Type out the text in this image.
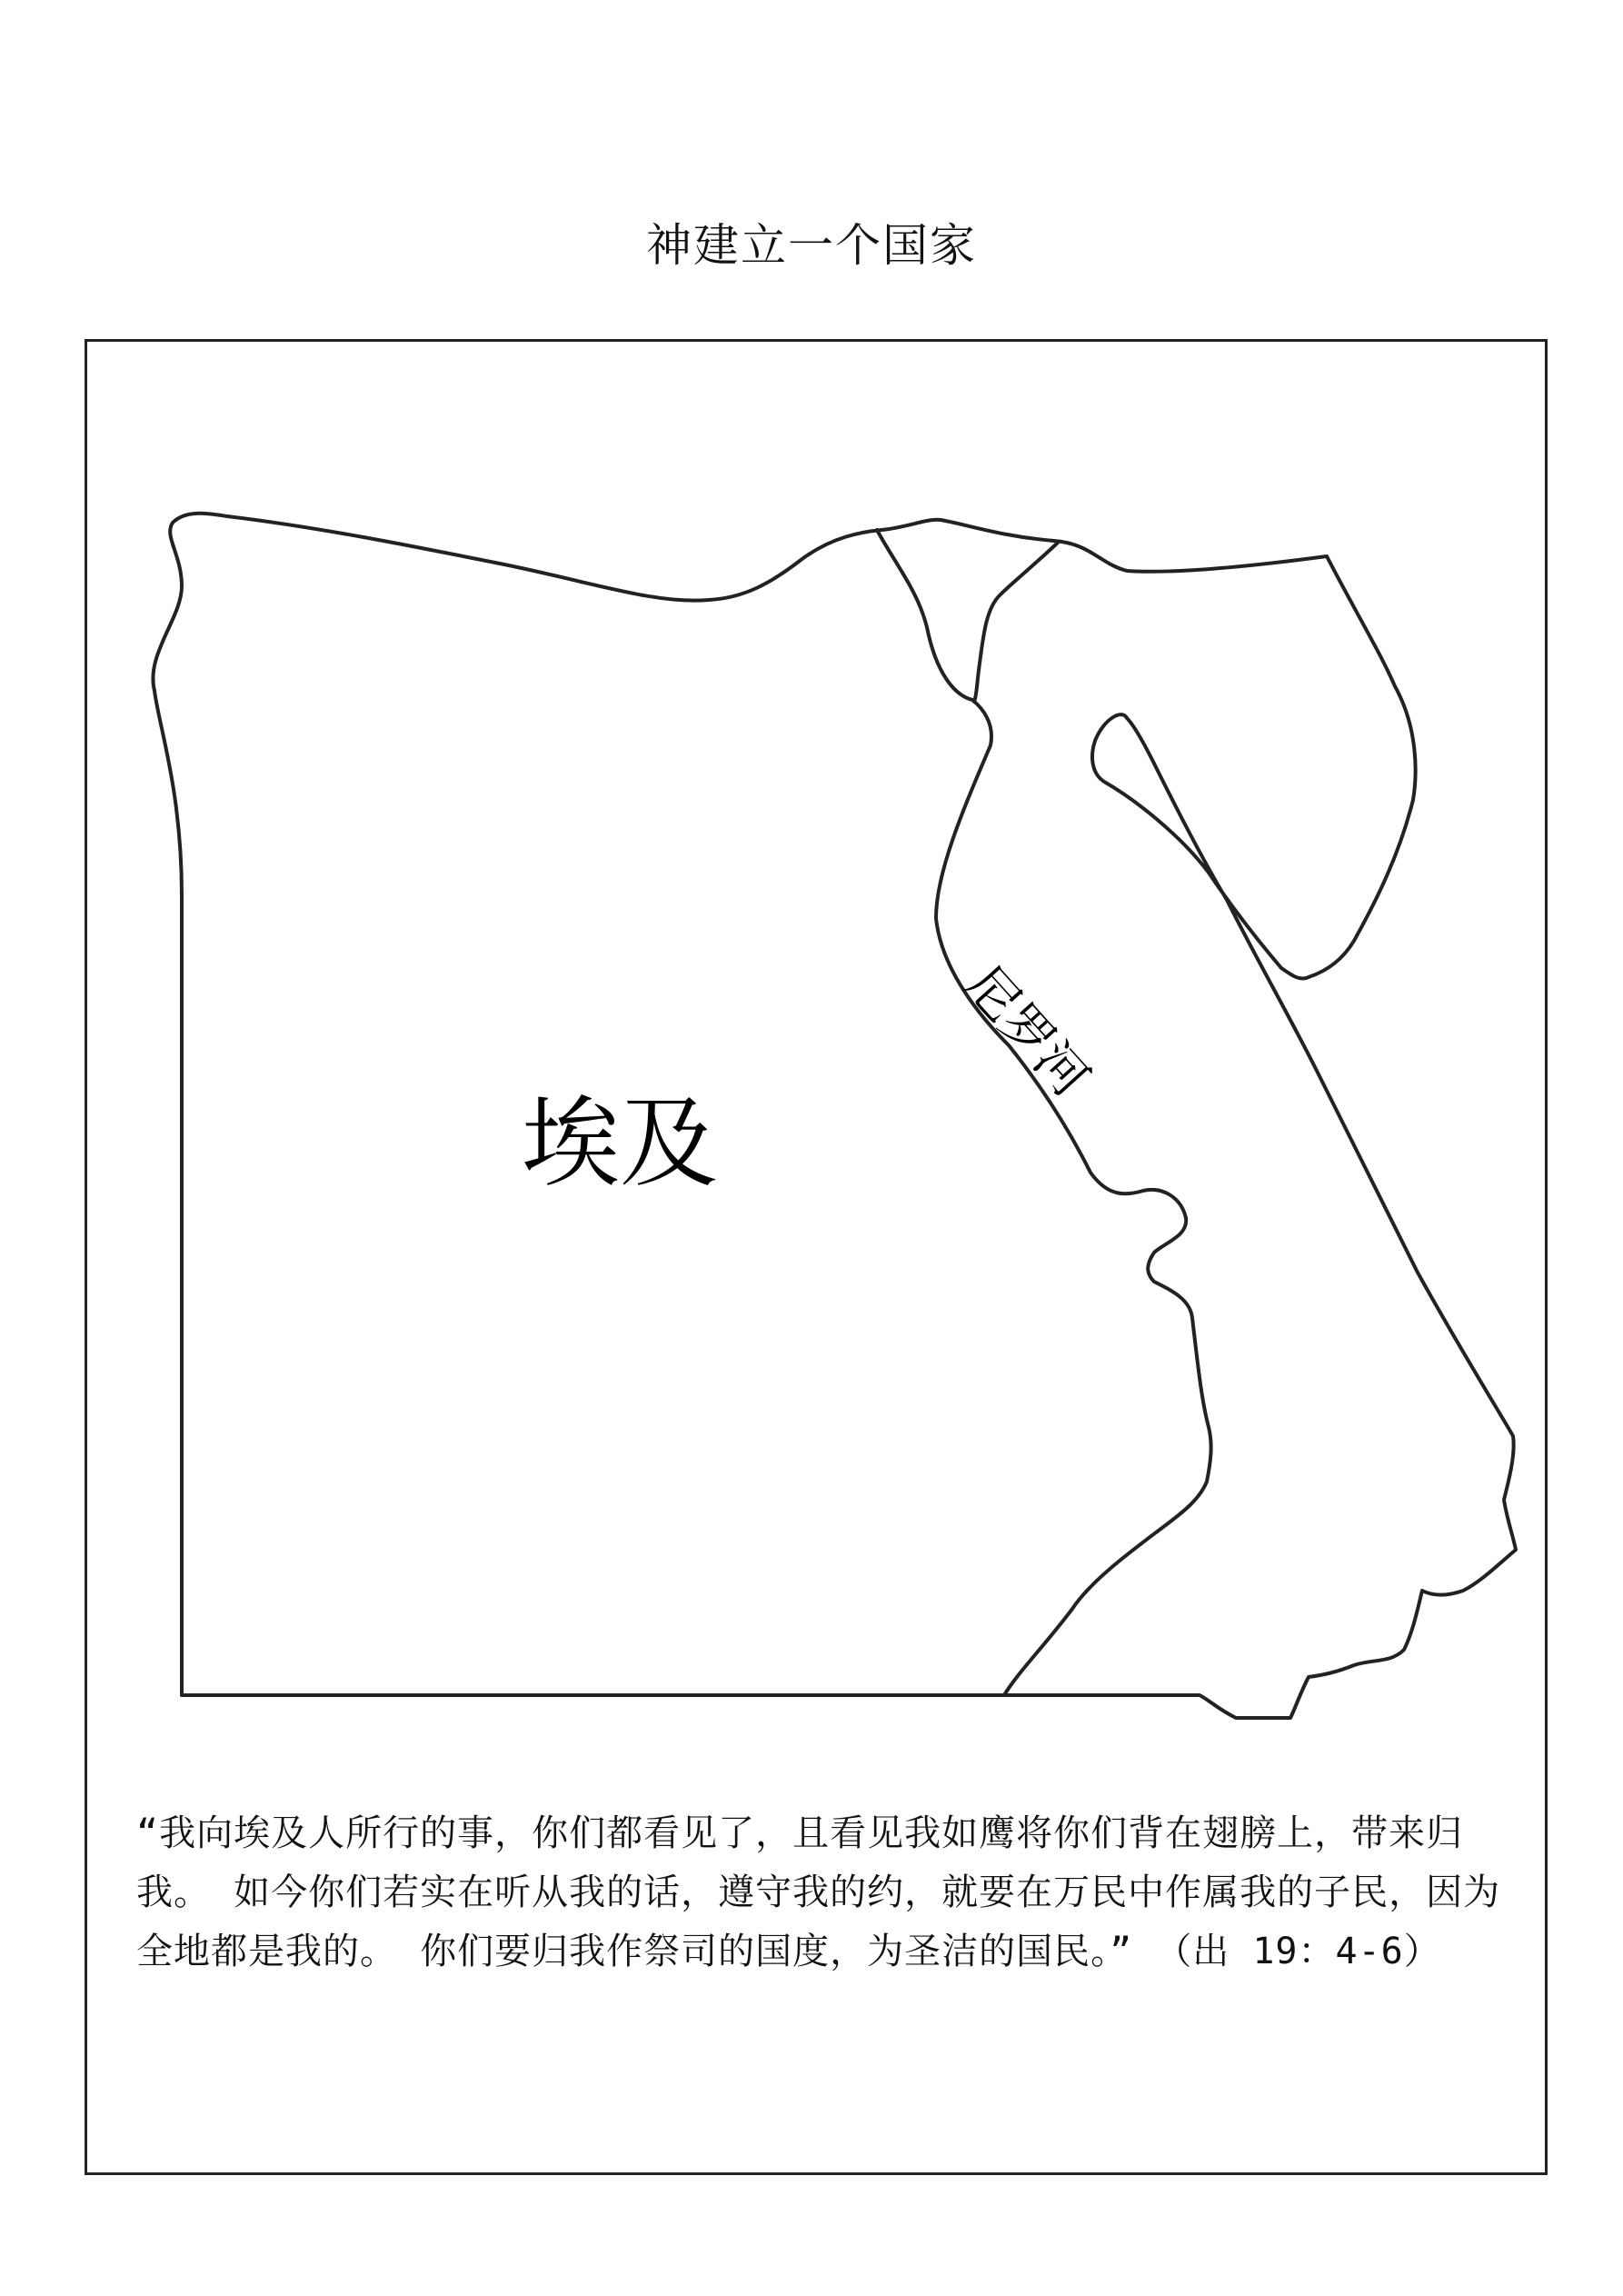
神建立一个国家
埃及
尼罗河
“我向埃及人所行的事，你们都看见了，且看见我如鹰将你们背在翅膀上，带来归我。 如今你们若实在听从我的话，遵守我的约，就要在万民中作属我的子民，因为全地都是我的。 你们要归我作祭司的国度，为圣洁的国民。” （出 19：4-6）
